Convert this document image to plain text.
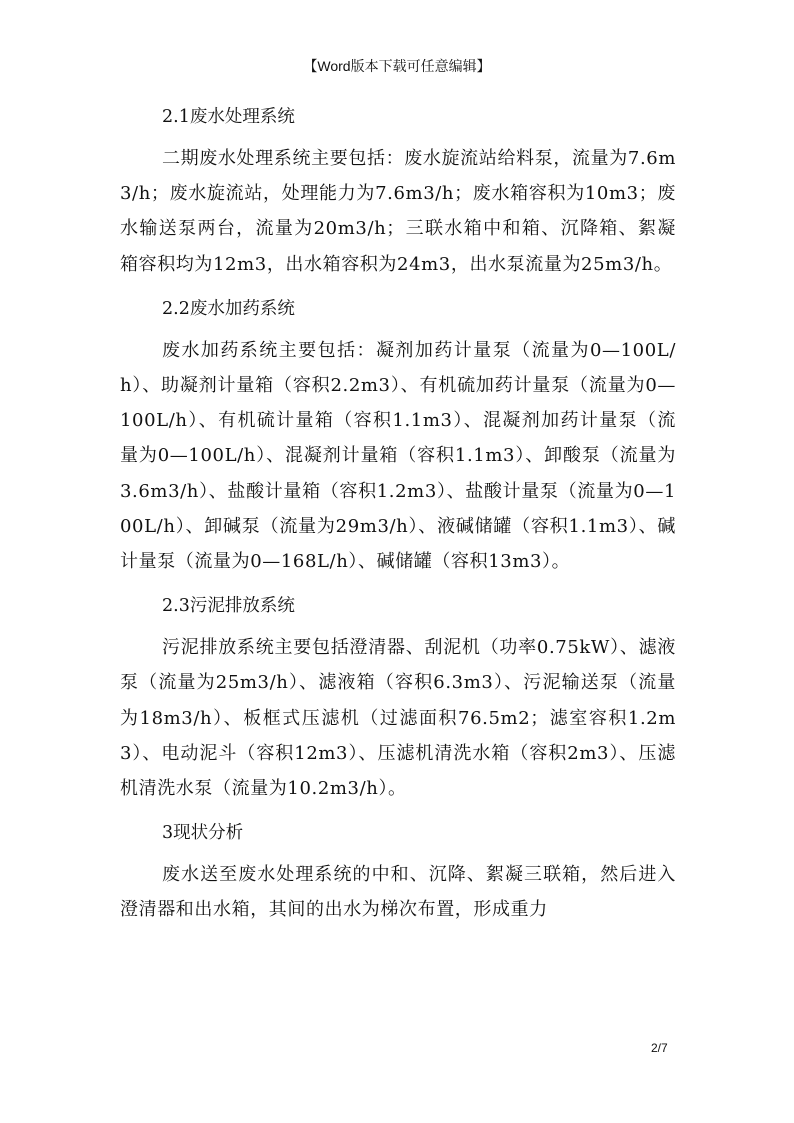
【Word版本下载可任意编辑】
2.1废水处理系统

二期废水处理系统主要包括：废水旋流站给料泵，流量为7.6m3/h；废水旋流站，处理能力为7.6m3/h；废水箱容积为10m3；废水输送泵两台，流量为20m3/h；三联水箱中和箱、沉降箱、絮凝箱容积均为12m3，出水箱容积为24m3，出水泵流量为25m3/h。

2.2废水加药系统

废水加药系统主要包括：凝剂加药计量泵（流量为0—100L/h）、助凝剂计量箱（容积2.2m3）、有机硫加药计量泵（流量为0—100L/h）、有机硫计量箱（容积1.1m3）、混凝剂加药计量泵（流量为0—100L/h）、混凝剂计量箱（容积1.1m3）、卸酸泵（流量为3.6m3/h）、盐酸计量箱（容积1.2m3）、盐酸计量泵（流量为0—100L/h）、卸碱泵（流量为29m3/h）、液碱储罐（容积1.1m3）、碱计量泵（流量为0—168L/h）、碱储罐（容积13m3）。

2.3污泥排放系统

污泥排放系统主要包括澄清器、刮泥机（功率0.75kW）、滤液泵（流量为25m3/h）、滤液箱（容积6.3m3）、污泥输送泵（流量为18m3/h）、板框式压滤机（过滤面积76.5m2；滤室容积1.2m3）、电动泥斗（容积12m3）、压滤机清洗水箱（容积2m3）、压滤机清洗水泵（流量为10.2m3/h）。

3现状分析

废水送至废水处理系统的中和、沉降、絮凝三联箱，然后进入澄清器和出水箱，其间的出水为梯次布置，形成重力

2/7
